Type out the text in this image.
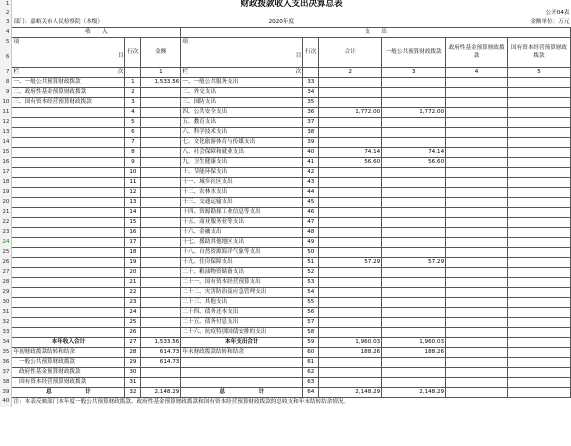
1	财政拨款收入支出决算总表								
2	公开04表								
3	部门：嘉峪关市人民检察院（本级）			2020年度			金额单位：万元		
4	收　　入			支　　出					
5	项	行次	金额	项	行次	合计	一般公共预算财政拨款	政府性基金预算财政拨款	国有资本经营预算财政拨款
6	目			目					
7	栏 次		1	栏 次		2	3	4	5
8	一、一般公共预算财政拨款	1	1,533.56	一、一般公共服务支出	33				
9	二、政府性基金预算财政拨款	2		二、外交支出	34				
10	三、国有资本经营预算财政拨款	3		三、国防支出	35				
11		4		四、公共安全支出	36	1,772.00	1,772.00		
12		5		五、教育支出	37				
13		6		六、科学技术支出	38				
14		7		七、文化旅游体育与传媒支出	39				
15		8		八、社会保障和就业支出	40	74.14	74.14		
16		9		九、卫生健康支出	41	56.60	56.60		
17		10		十、节能环保支出	42				
18		11		十一、城乡社区支出	43				
19		12		十二、农林水支出	44				
20		13		十三、交通运输支出	45				
21		14		十四、资源勘探工业信息等支出	46				
22		15		十五、商业服务业等支出	47				
23		16		十六、金融支出	48				
24		17		十七、援助其他地区支出	49				
25		18		十八、自然资源海洋气象等支出	50				
26		19		十九、住房保障支出	51	57.29	57.29		
27		20		二十、粮油物资储备支出	52				
28		21		二十一、国有资本经营预算支出	53				
29		22		二十二、灾害防治及应急管理支出	54				
30		23		二十三、其他支出	55				
31		24		二十四、债务还本支出	56				
32		25		二十五、债务付息支出	57				
33		26		二十六、抗疫特别国债安排的支出	58				
34	本年收入合计	27	1,533.56	本年支出合计	59	1,960.03	1,960.03		
35	年初财政拨款结转和结余	28	614.73	年末财政拨款结转和结余	60	188.26	188.26		
36	　一般公共预算财政拨款	29	614.73		61				
37	　政府性基金预算财政拨款	30			62				
38	　国有资本经营预算财政拨款	31			63				
39	总　　　　　　计	32	2,148.29	总　　　　　　计	64	2,148.29	2,148.29		
40	注：本表反映部门本年度一般公共预算财政拨款、政府性基金预算财政拨款和国有资本经营预算财政拨款的总收支和年末结转结余情况。								
